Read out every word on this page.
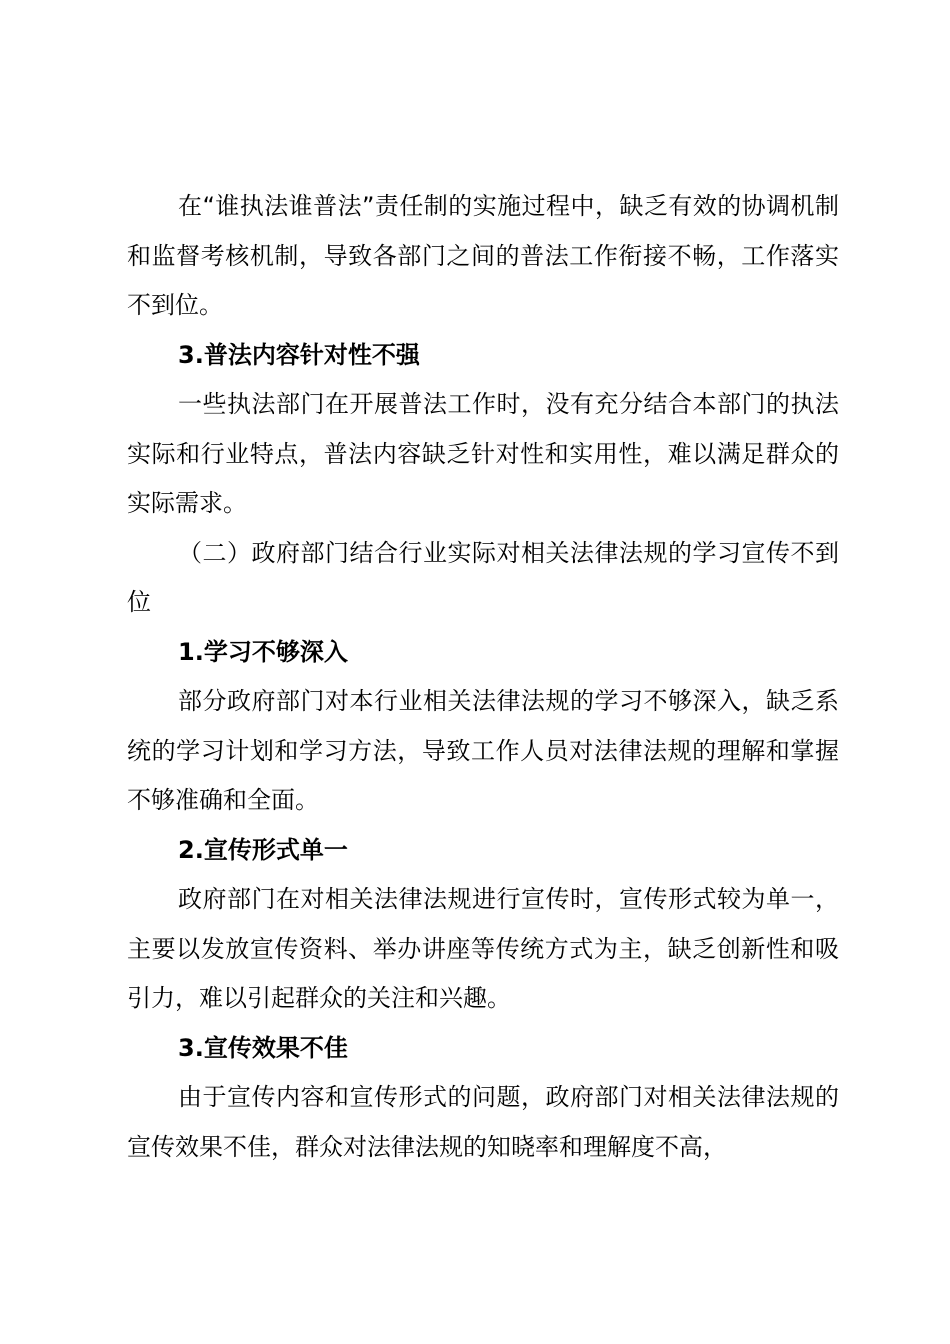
在“谁执法谁普法”责任制的实施过程中，缺乏有效的协调机制和监督考核机制，导致各部门之间的普法工作衔接不畅，工作落实不到位。

3.普法内容针对性不强

一些执法部门在开展普法工作时，没有充分结合本部门的执法实际和行业特点，普法内容缺乏针对性和实用性，难以满足群众的实际需求。

（二）政府部门结合行业实际对相关法律法规的学习宣传不到位

1.学习不够深入

部分政府部门对本行业相关法律法规的学习不够深入，缺乏系统的学习计划和学习方法，导致工作人员对法律法规的理解和掌握不够准确和全面。

2.宣传形式单一

政府部门在对相关法律法规进行宣传时，宣传形式较为单一，主要以发放宣传资料、举办讲座等传统方式为主，缺乏创新性和吸引力，难以引起群众的关注和兴趣。

3.宣传效果不佳

由于宣传内容和宣传形式的问题，政府部门对相关法律法规的宣传效果不佳，群众对法律法规的知晓率和理解度不高，
